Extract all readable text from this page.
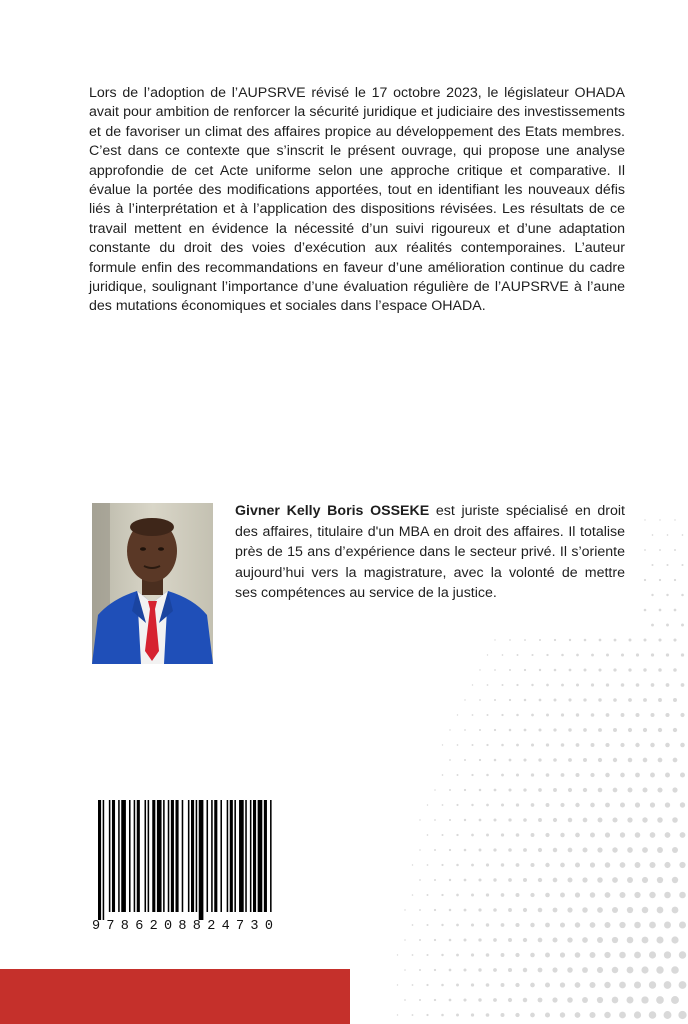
Lors de l’adoption de l’AUPSRVE révisé le 17 octobre 2023, le législateur OHADA avait pour ambition de renforcer la sécurité juridique et judiciaire des investissements et de favoriser un climat des affaires propice au développement des Etats membres. C’est dans ce contexte que s’inscrit le présent ouvrage, qui propose une analyse approfondie de cet Acte uniforme selon une approche critique et comparative. Il évalue la portée des modifications apportées, tout en identifiant les nouveaux défis liés à l’interprétation et à l’application des dispositions révisées. Les résultats de ce travail mettent en évidence la nécessité d’un suivi rigoureux et d’une adaptation constante du droit des voies d’exécution aux réalités contemporaines. L’auteur formule enfin des recommandations en faveur d’une amélioration continue du cadre juridique, soulignant l’importance d’une évaluation régulière de l’AUPSRVE à l’aune des mutations économiques et sociales dans l’espace OHADA.

Givner Kelly Boris OSSEKE est juriste spécialisé en droit des affaires, titulaire d'un MBA en droit des affaires. Il totalise près de 15 ans d’expérience dans le secteur privé. Il s’oriente aujourd’hui vers la magistrature, avec la volonté de mettre ses compétences au service de la justice.

9786208824730
